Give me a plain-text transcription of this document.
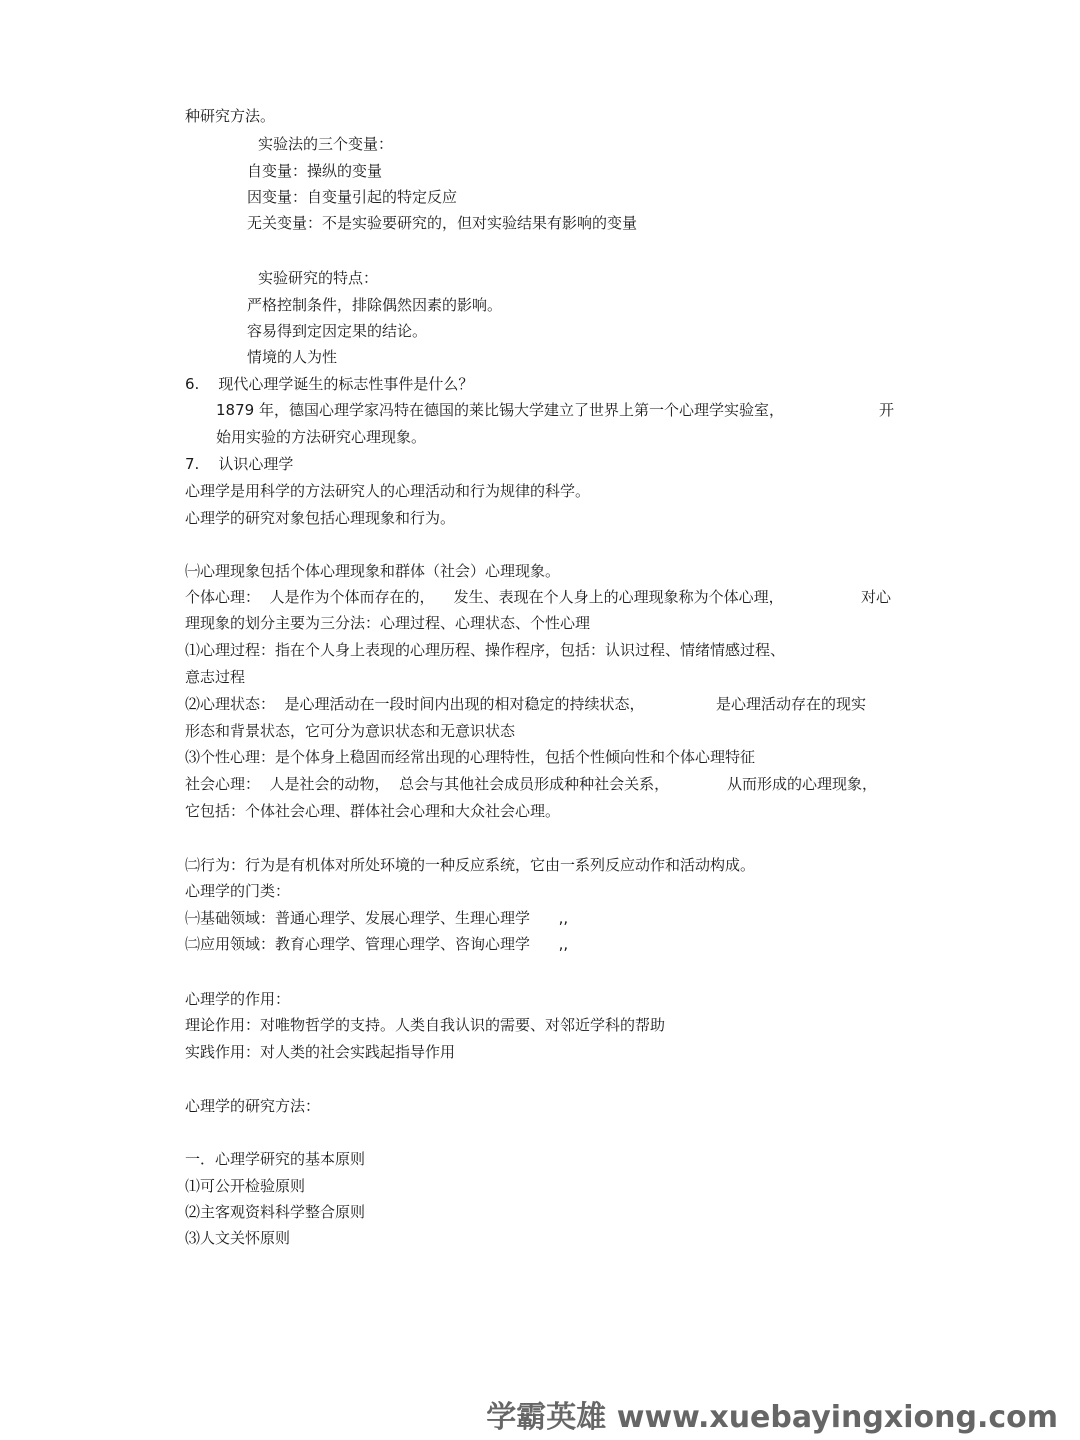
种研究方法。
实验法的三个变量：
自变量：操纵的变量
因变量：自变量引起的特定反应
无关变量：不是实验要研究的，但对实验结果有影响的变量
实验研究的特点：
严格控制条件，排除偶然因素的影响。
容易得到定因定果的结论。
情境的人为性
6.    现代心理学诞生的标志性事件是什么？
1879 年，德国心理学家冯特在德国的莱比锡大学建立了世界上第一个心理学实验室，	开
始用实验的方法研究心理现象。
7.    认识心理学
心理学是用科学的方法研究人的心理活动和行为规律的科学。
心理学的研究对象包括心理现象和行为。
㈠心理现象包括个体心理现象和群体（社会）心理现象。
个体心理：  人是作为个体而存在的，    发生、表现在个人身上的心理现象称为个体心理，	对心
理现象的划分主要为三分法：心理过程、心理状态、个性心理
⑴心理过程：指在个人身上表现的心理历程、操作程序，包括：认识过程、情绪情感过程、
意志过程
⑵心理状态：  是心理活动在一段时间内出现的相对稳定的持续状态，	是心理活动存在的现实
形态和背景状态，它可分为意识状态和无意识状态
⑶个性心理：是个体身上稳固而经常出现的心理特性，包括个性倾向性和个体心理特征
社会心理：  人是社会的动物，  总会与其他社会成员形成种种社会关系，	从而形成的心理现象，
它包括：个体社会心理、群体社会心理和大众社会心理。
㈡行为：行为是有机体对所处环境的一种反应系统，它由一系列反应动作和活动构成。
心理学的门类：
㈠基础领域：普通心理学、发展心理学、生理心理学      ,,
㈡应用领域：教育心理学、管理心理学、咨询心理学      ,,
心理学的作用：
理论作用：对唯物哲学的支持。人类自我认识的需要、对邻近学科的帮助
实践作用：对人类的社会实践起指导作用
心理学的研究方法：
一．心理学研究的基本原则
⑴可公开检验原则
⑵主客观资料科学整合原则
⑶人文关怀原则
学霸英雄 www.xuebayingxiong.com
